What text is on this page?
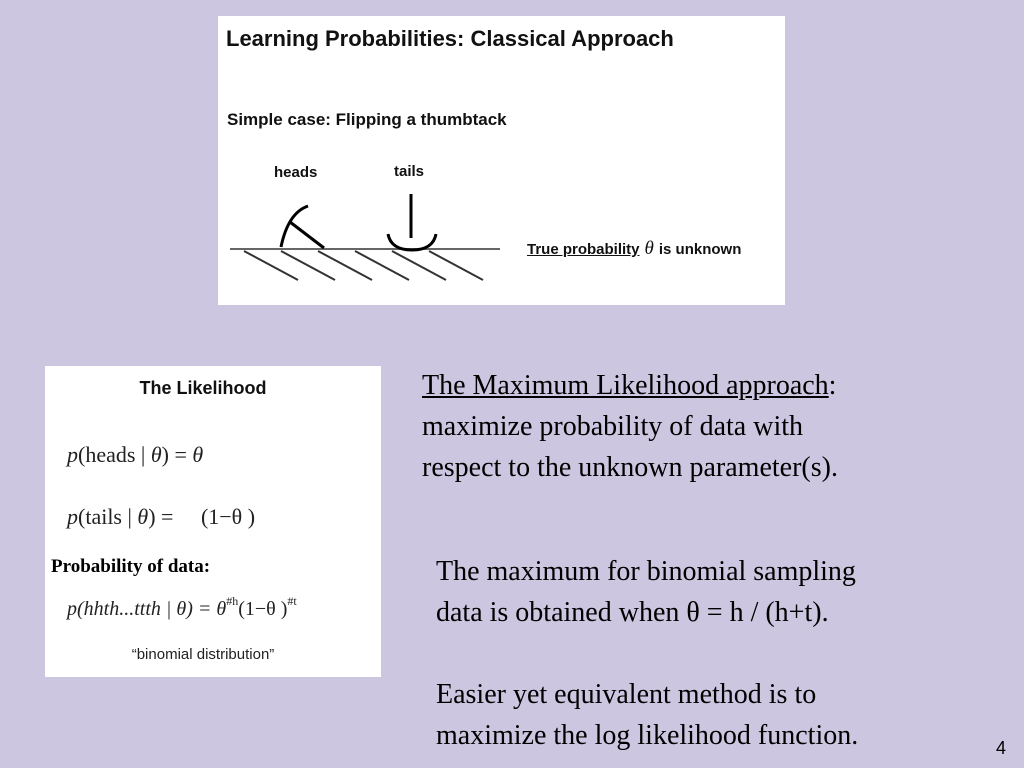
Learning Probabilities: Classical Approach
Simple case: Flipping a thumbtack
heads	tails
True probability θ is unknown
The Likelihood
p(heads | θ) = θ
p(tails | θ) = (1−θ )
Probability of data:
p(hhth...ttth | $\theta) = \theta^{\#h}(1-\theta$ )$^{\#t}$
“binomial distribution”
The Maximum Likelihood approach:
maximize probability of data with
respect to the unknown parameter(s).
The maximum for binomial sampling
data is obtained when θ = h / (h+t).
Easier yet equivalent method is to
maximize the log likelihood function.	4
